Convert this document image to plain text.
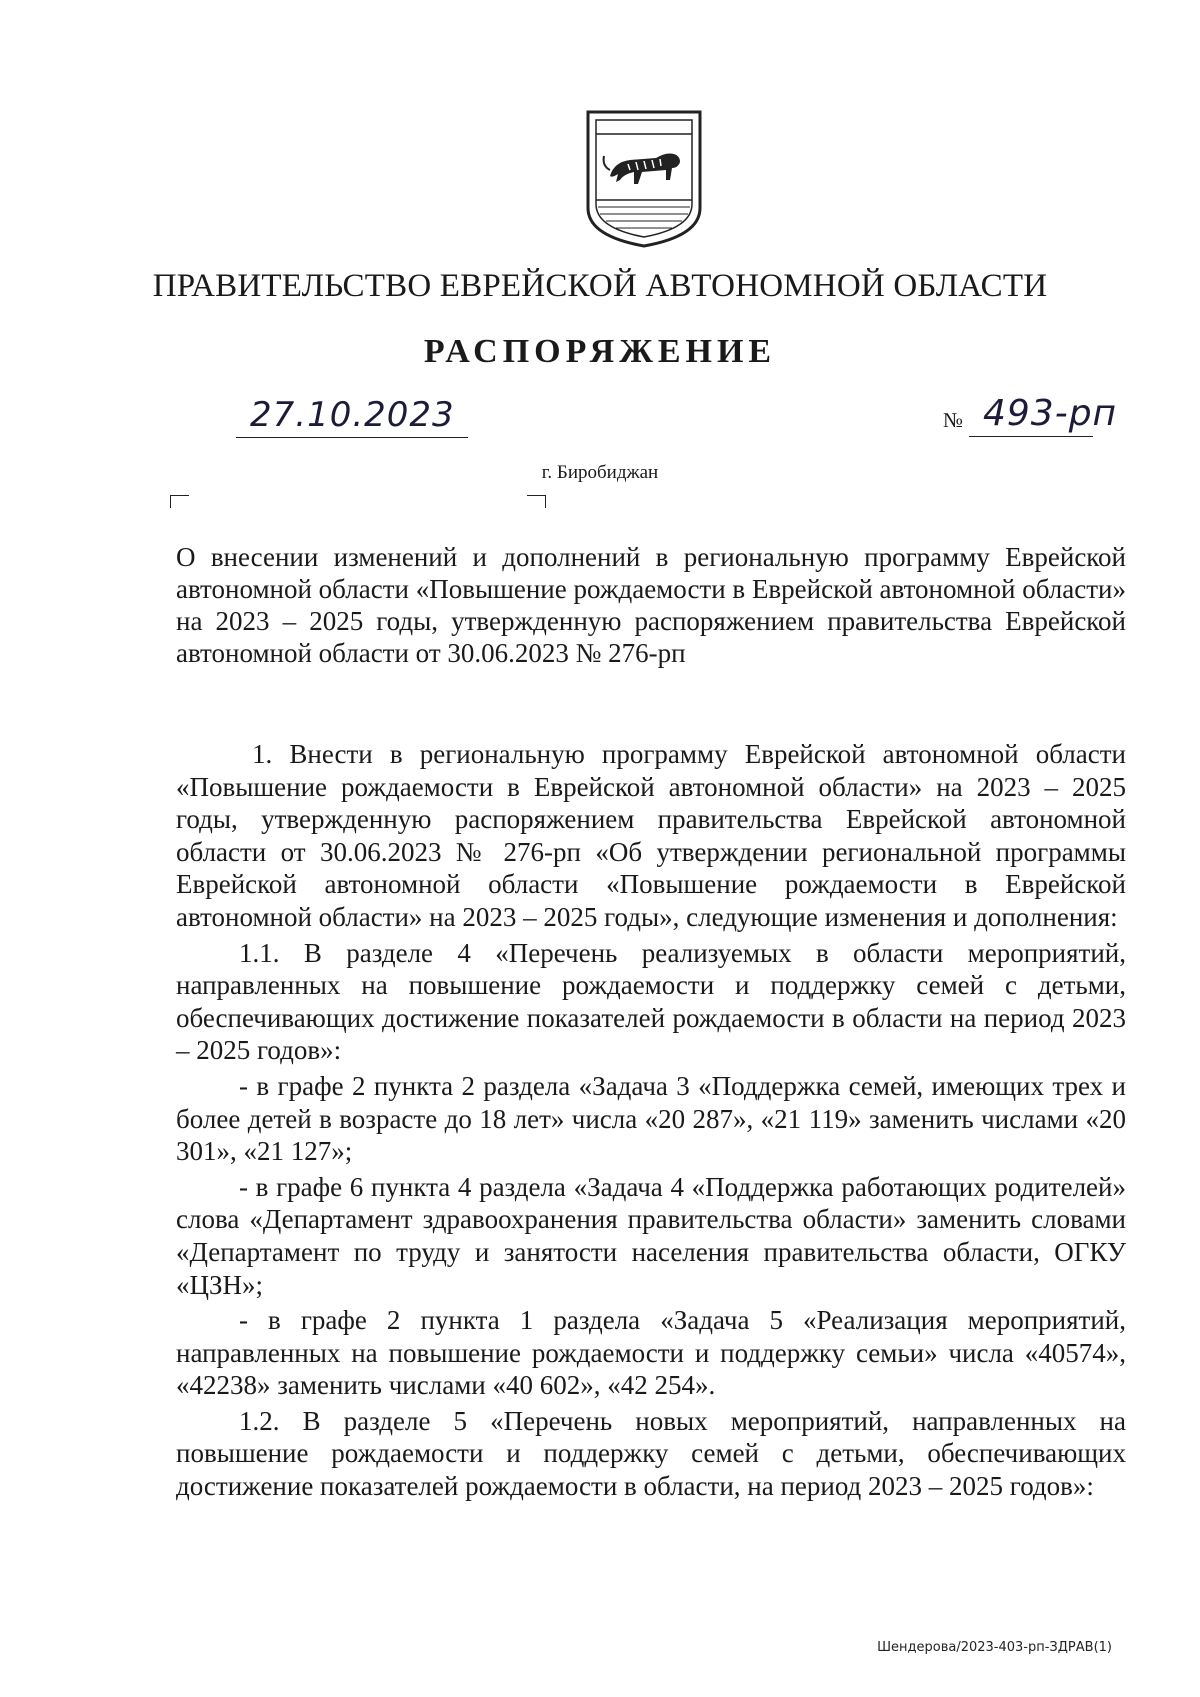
ПРАВИТЕЛЬСТВО ЕВРЕЙСКОЙ АВТОНОМНОЙ ОБЛАСТИ
РАСПОРЯЖЕНИЕ
27.10.2023	№ 493-рп
г. Биробиджан

О внесении изменений и дополнений в региональную программу Еврейской автономной области «Повышение рождаемости в Еврейской автономной области» на 2023 – 2025 годы, утвержденную распоряжением правительства Еврейской автономной области от 30.06.2023 № 276-рп

1. Внести в региональную программу Еврейской автономной области «Повышение рождаемости в Еврейской автономной области» на 2023 – 2025 годы, утвержденную распоряжением правительства Еврейской автономной области от 30.06.2023 № 276-рп «Об утверждении региональной программы Еврейской автономной области «Повышение рождаемости в Еврейской автономной области» на 2023 – 2025 годы», следующие изменения и дополнения:

1.1. В разделе 4 «Перечень реализуемых в области мероприятий, направленных на повышение рождаемости и поддержку семей с детьми, обеспечивающих достижение показателей рождаемости в области на период 2023 – 2025 годов»:

- в графе 2 пункта 2 раздела «Задача 3 «Поддержка семей, имеющих трех и более детей в возрасте до 18 лет» числа «20 287», «21 119» заменить числами «20 301», «21 127»;

- в графе 6 пункта 4 раздела «Задача 4 «Поддержка работающих родителей» слова «Департамент здравоохранения правительства области» заменить словами «Департамент по труду и занятости населения правительства области, ОГКУ «ЦЗН»;

- в графе 2 пункта 1 раздела «Задача 5 «Реализация мероприятий, направленных на повышение рождаемости и поддержку семьи» числа «40574», «42238» заменить числами «40 602», «42 254».

1.2. В разделе 5 «Перечень новых мероприятий, направленных на повышение рождаемости и поддержку семей с детьми, обеспечивающих достижение показателей рождаемости в области, на период 2023 – 2025 годов»:

Шендерова/2023-403-рп-ЗДРАВ(1)
